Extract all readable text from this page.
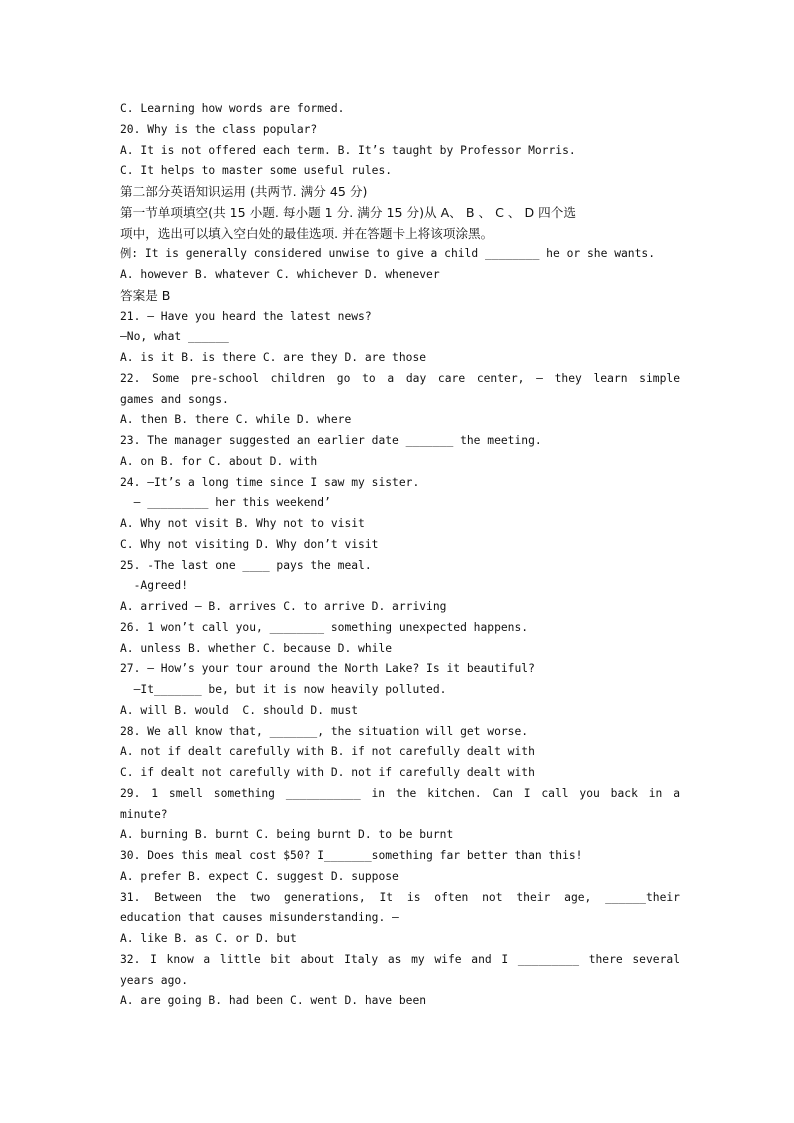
C. Learning how words are formed.
20. Why is the class popular?
A. It is not offered each term. B. It’s taught by Professor Morris.
C. It helps to master some useful rules.
第二部分英语知识运用 (共两节. 满分 45 分)
第一节单项填空(共 15 小题. 每小题 1 分. 满分 15 分)从 A、 B 、 C 、 D 四个选
项中，选出可以填入空白处的最佳选项. 并在答题卡上将该项涂黑。
例: It is generally considered unwise to give a child ________ he or she wants.
A. however B. whatever C. whichever D. whenever
答案是 B
21. — Have you heard the latest news?
—No, what ______
A. is it B. is there C. are they D. are those
22. Some pre-school children go to a day care center, — they learn simple
games and songs.
A. then B. there C. while D. where
23. The manager suggested an earlier date _______ the meeting.
A. on B. for C. about D. with
24. —It’s a long time since I saw my sister.
— _________ her this weekend’
A. Why not visit B. Why not to visit
C. Why not visiting D. Why don’t visit
25. -The last one ____ pays the meal.
-Agreed!
A. arrived – B. arrives C. to arrive D. arriving
26. 1 won’t call you, ________ something unexpected happens.
A. unless B. whether C. because D. while
27. — How’s your tour around the North Lake? Is it beautiful?
—It_______ be, but it is now heavily polluted.
A. will B. would  C. should D. must
28. We all know that, _______, the situation will get worse.
A. not if dealt carefully with B. if not carefully dealt with
C. if dealt not carefully with D. not if carefully dealt with
29. 1 smell something ___________ in the kitchen. Can I call you back in a
minute?
A. burning B. burnt C. being burnt D. to be burnt
30. Does this meal cost $50? I_______something far better than this!
A. prefer B. expect C. suggest D. suppose
31. Between the two generations, It is often not their age, ______their
education that causes misunderstanding. –
A. like B. as C. or D. but
32. I know a little bit about Italy as my wife and I _________ there several
years ago.
A. are going B. had been C. went D. have been
